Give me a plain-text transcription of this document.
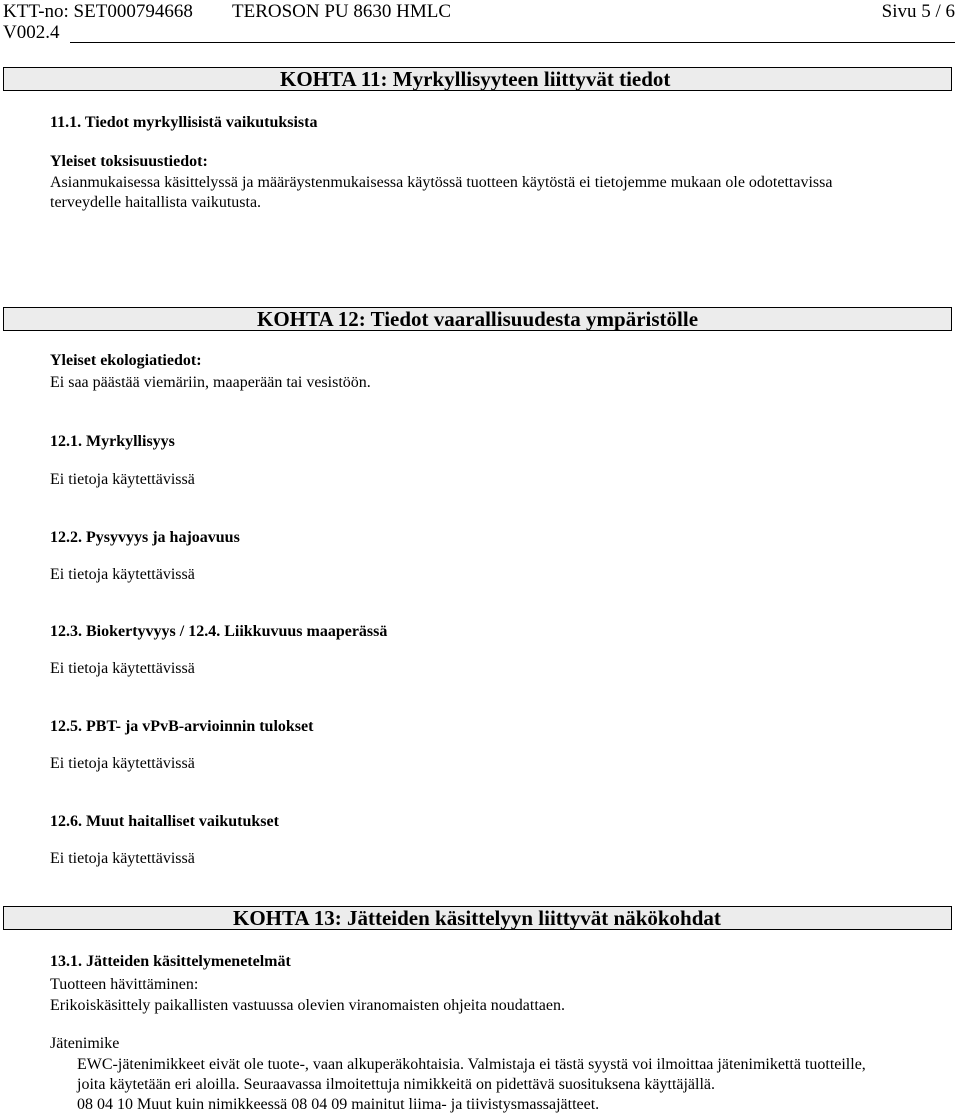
KTT-no: SET000794668
V002.4
TEROSON PU 8630 HMLC	Sivu 5 / 6
KOHTA 11: Myrkyllisyyteen liittyvät tiedot
11.1. Tiedot myrkyllisistä vaikutuksista
Yleiset toksisuustiedot:
Asianmukaisessa käsittelyssä ja määräystenmukaisessa käytössä tuotteen käytöstä ei tietojemme mukaan ole odotettavissa
terveydelle haitallista vaikutusta.
KOHTA 12: Tiedot vaarallisuudesta ympäristölle
Yleiset ekologiatiedot:
Ei saa päästää viemäriin, maaperään tai vesistöön.
12.1. Myrkyllisyys
Ei tietoja käytettävissä
12.2. Pysyvyys ja hajoavuus
Ei tietoja käytettävissä
12.3. Biokertyvyys / 12.4. Liikkuvuus maaperässä
Ei tietoja käytettävissä
12.5. PBT- ja vPvB-arvioinnin tulokset
Ei tietoja käytettävissä
12.6. Muut haitalliset vaikutukset
Ei tietoja käytettävissä
KOHTA 13: Jätteiden käsittelyyn liittyvät näkökohdat
13.1. Jätteiden käsittelymenetelmät
Tuotteen hävittäminen:
Erikoiskäsittely paikallisten vastuussa olevien viranomaisten ohjeita noudattaen.
Jätenimike
EWC-jätenimikkeet eivät ole tuote-, vaan alkuperäkohtaisia. Valmistaja ei tästä syystä voi ilmoittaa jätenimikettä tuotteille,
joita käytetään eri aloilla. Seuraavassa ilmoitettuja nimikkeitä on pidettävä suosituksena käyttäjällä.
08 04 10 Muut kuin nimikkeessä 08 04 09 mainitut liima- ja tiivistysmassajätteet.
